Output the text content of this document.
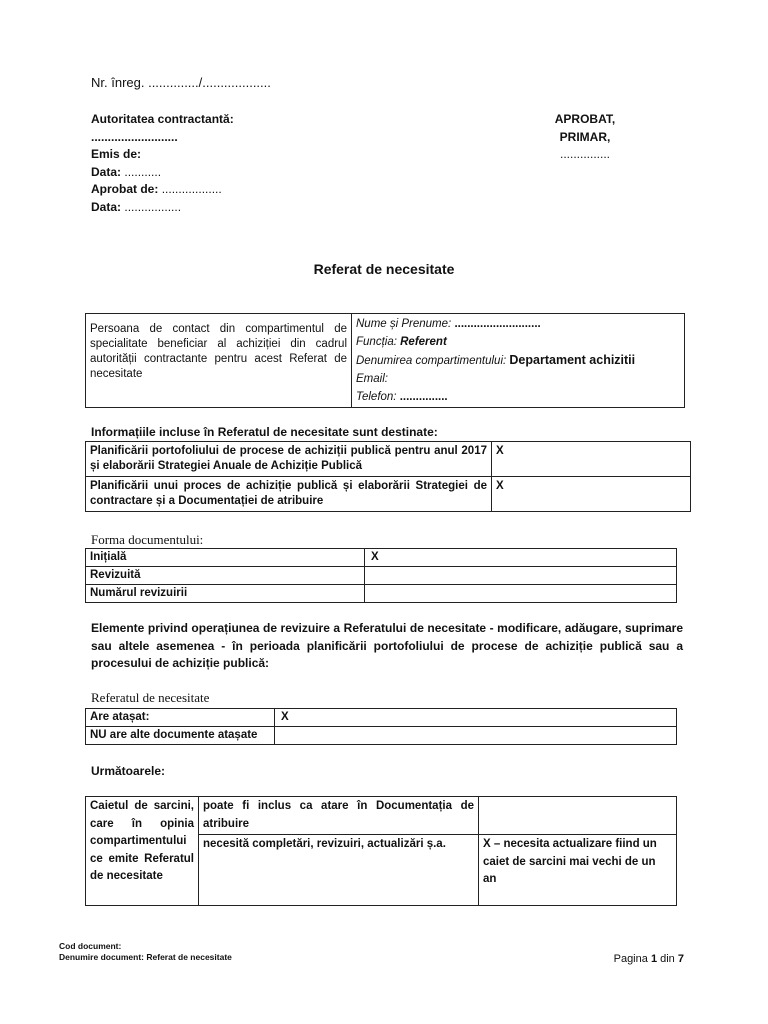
Nr. înreg. ............../...................
Autoritatea contractantă:
..........................
Emis de:
Data: ...........
Aprobat de: ..................
Data: .................
APROBAT,
PRIMAR,
...............
Referat de necesitate
Persoana de contact din compartimentul de specialitate beneficiar al achiziției din cadrul autorității contractante pentru acest Referat de necesitate	
Nume și Prenume: ...........................
Funcția: Referent
Denumirea compartimentului: Departament achizitii
Email:
Telefon: ...............
Informațiile incluse în Referatul de necesitate sunt destinate:
Planificării portofoliului de procese de achiziții publică pentru anul 2017 și elaborării Strategiei Anuale de Achiziție Publică	X
Planificării unui proces de achiziție publică și elaborării Strategiei de contractare și a Documentației de atribuire	X
Forma documentului:
Inițială	X
Revizuită	
Numărul revizuirii	
Elemente privind operațiunea de revizuire a Referatului de necesitate - modificare, adăugare, suprimare sau altele asemenea - în perioada planificării portofoliului de procese de achiziție publică sau a procesului de achiziție publică:
Referatul de necesitate
Are atașat:	X
NU are alte documente atașate	
Următoarele:
Caietul de sarcini, care în opinia compartimentului ce emite Referatul de necesitate	poate fi inclus ca atare în Documentația de atribuire	

	necesită completări, revizuiri, actualizări ș.a.	X – necesita actualizare fiind un caiet de sarcini mai vechi de un an
Cod document:
Denumire document: Referat de necesitate	Pagina 1 din 7
